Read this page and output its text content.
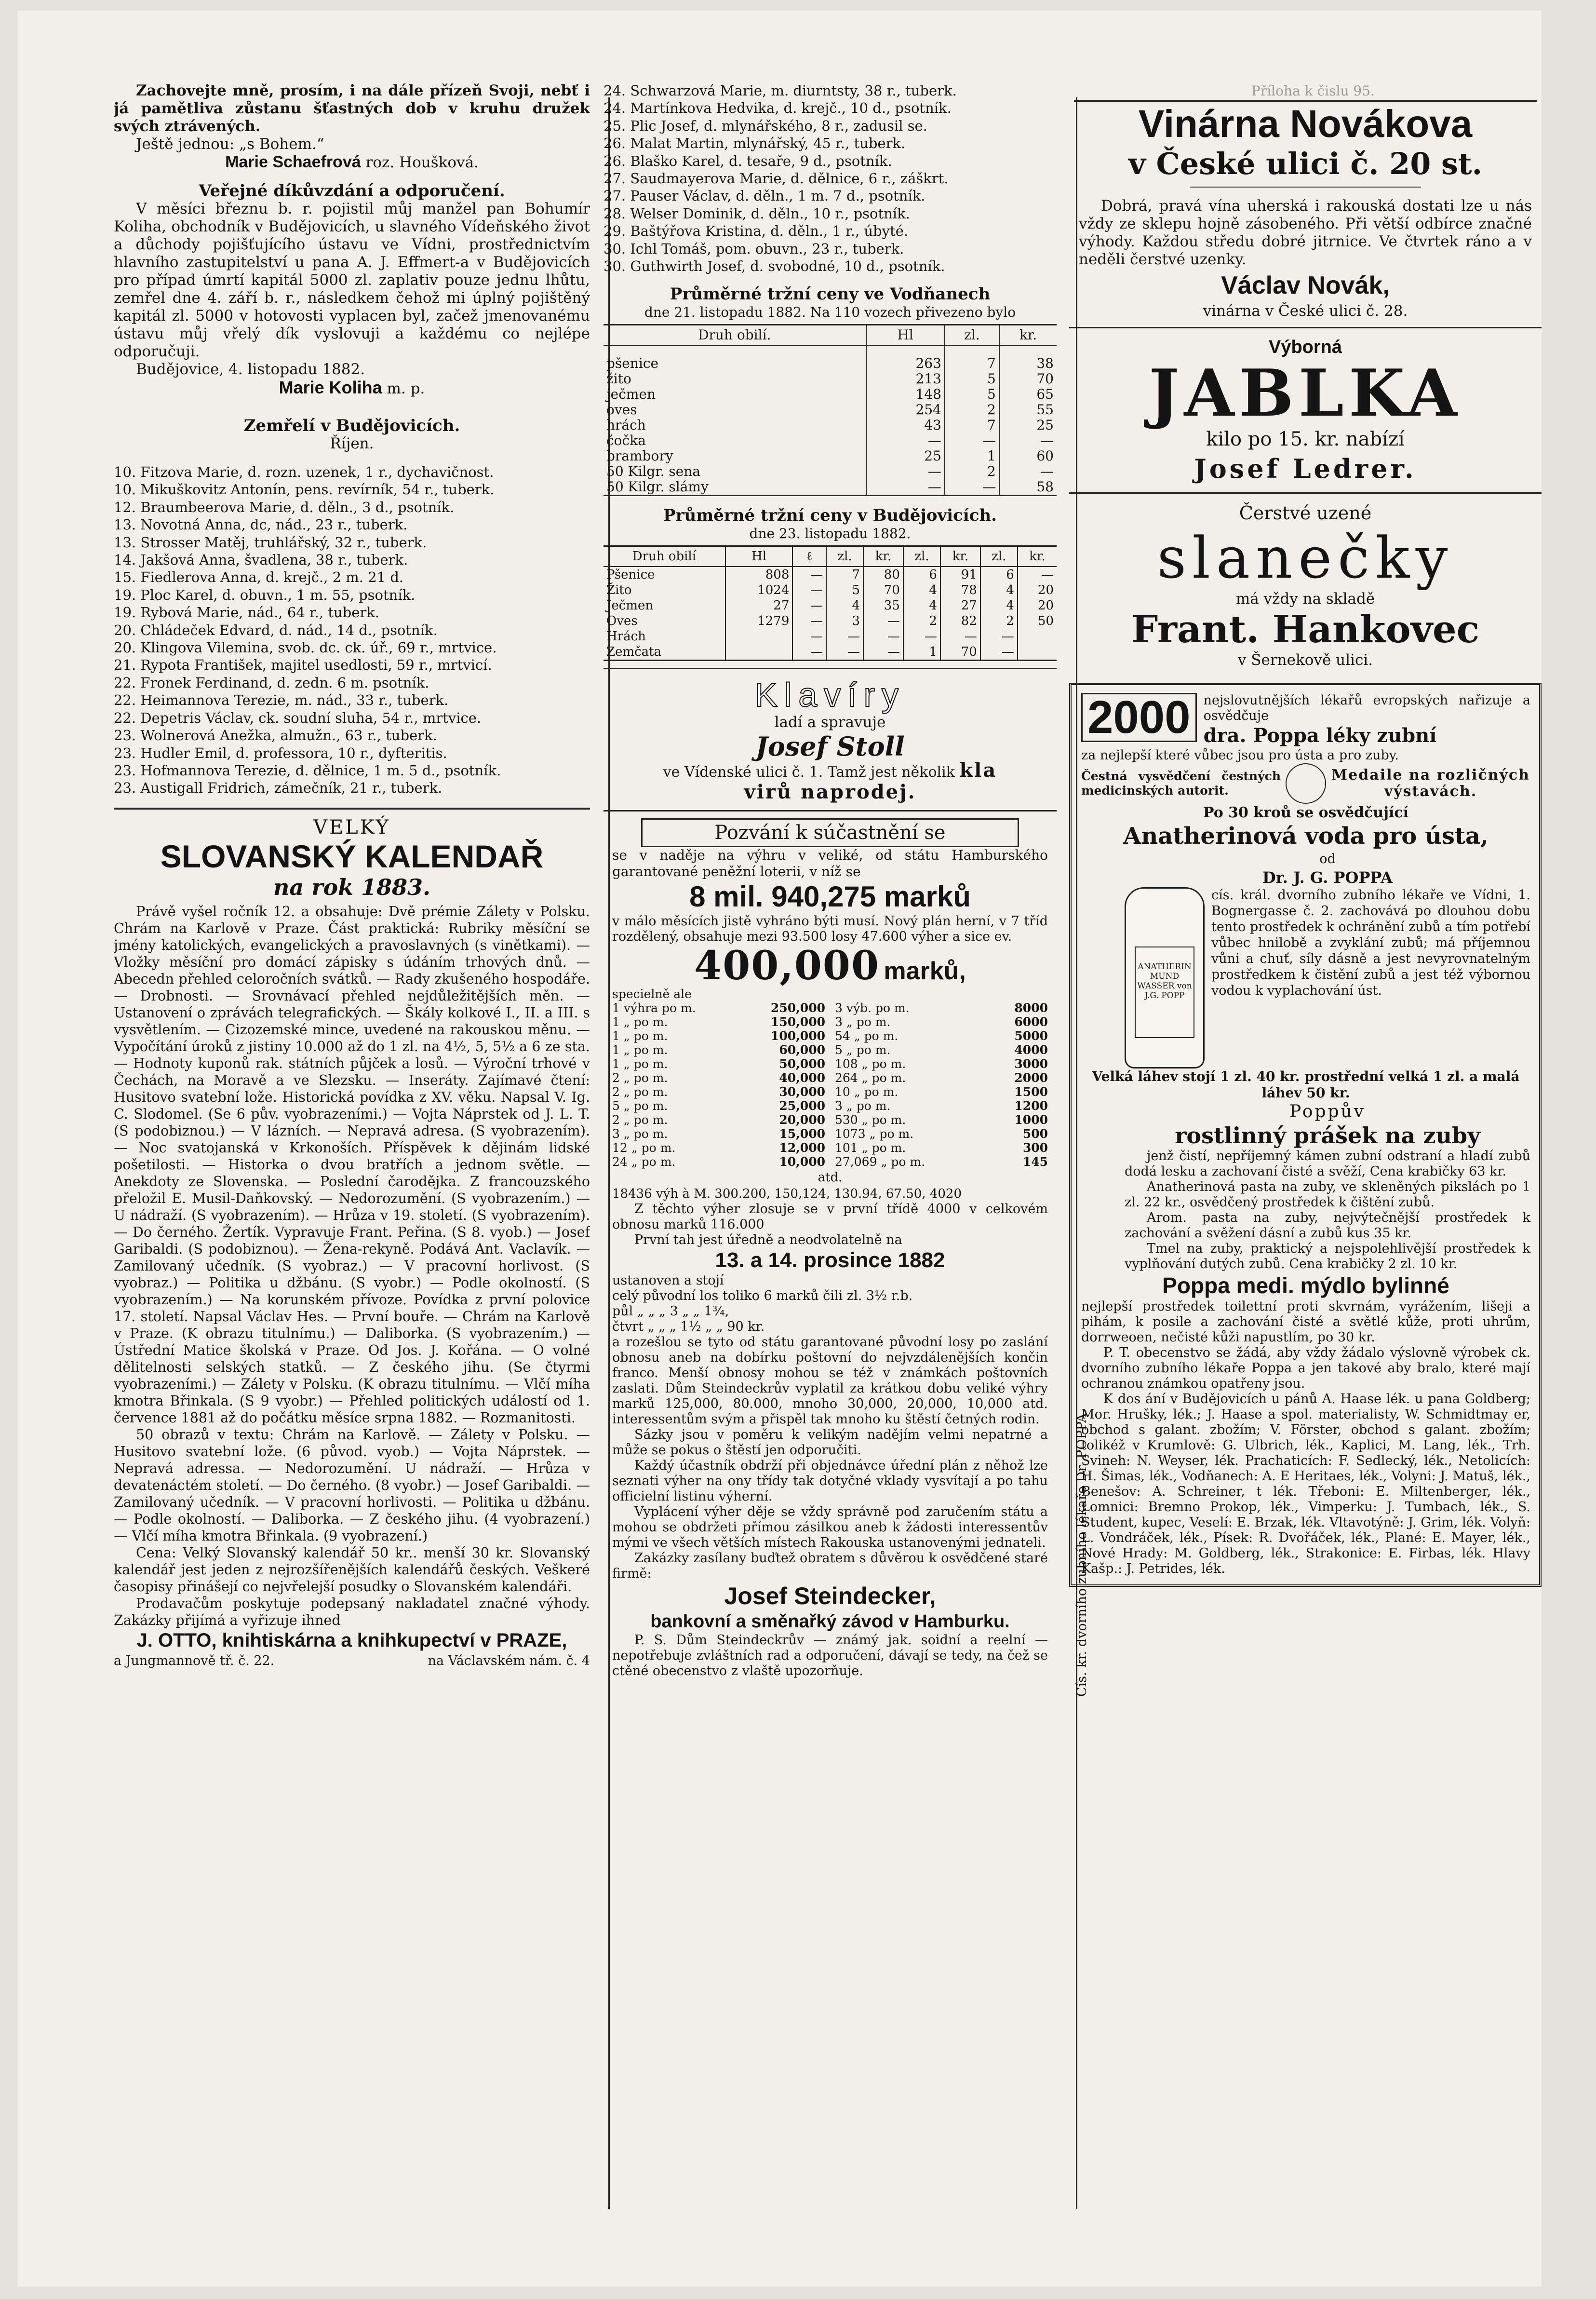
Příloha k čislu 95.

Zachovejte mně, prosím, i na dále přízeň Svoji, nebť i já pamětliva zůstanu šťastných dob v kruhu družek svých ztrávených.

Ještě jednou: „s Bohem.“

Marie Schaefrová roz. Houšková.

Veřejné díkůvzdání a odporučení.

V měsíci březnu b. r. pojistil můj manžel pan Bohumír Koliha, obchodník v Budějovicích, u slavného Vídeňského život a důchody pojišťujícího ústavu ve Vídni, prostřednictvím hlavního zastupitelství u pana A. J. Effmert-a v Budějovicích pro případ úmrtí kapitál 5000 zl. zaplativ pouze jednu lhůtu, zemřel dne 4. září b. r., následkem čehož mi úplný pojištěný kapitál zl. 5000 v hotovosti vyplacen byl, začež jmenovanému ústavu můj vřelý dík vyslovuji a každému co nejlépe odporučuji.

Budějovice, 4. listopadu 1882.

Marie Koliha m. p.

Zemřelí v Budějovicích.

Říjen.

10. Fitzova Marie, d. rozn. uzenek, 1 r., dychavičnost.

10. Mikuškovitz Antonín, pens. revírník, 54 r., tuberk.

12. Braumbeerova Marie, d. děln., 3 d., psotník.

13. Novotná Anna, dc, nád., 23 r., tuberk.

13. Strosser Matěj, truhlářský, 32 r., tuberk.

14. Jakšová Anna, švadlena, 38 r., tuberk.

15. Fiedlerova Anna, d. krejč., 2 m. 21 d.

19. Ploc Karel, d. obuvn., 1 m. 55, psotník.

19. Rybová Marie, nád., 64 r., tuberk.

20. Chládeček Edvard, d. nád., 14 d., psotník.

20. Klingova Vilemina, svob. dc. ck. úř., 69 r., mrtvice.

21. Rypota František, majitel usedlosti, 59 r., mrtvicí.

22. Fronek Ferdinand, d. zedn. 6 m. psotník.

22. Heimannova Terezie, m. nád., 33 r., tuberk.

22. Depetris Václav, ck. soudní sluha, 54 r., mrtvice.

23. Wolnerová Anežka, almužn., 63 r., tuberk.

23. Hudler Emil, d. professora, 10 r., dyfteritis.

23. Hofmannova Terezie, d. dělnice, 1 m. 5 d., psotník.

23. Austigall Fridrich, zámečník, 21 r., tuberk.

VELKÝ

SLOVANSKÝ KALENDAŘ

na rok 1883.

Právě vyšel ročník 12. a obsahuje: Dvě prémie Zálety v Polsku. Chrám na Karlově v Praze. Část praktická: Rubriky měsíční se jmény katolických, evangelických a pravoslavných (s vinětkami). — Vložky měsíční pro domácí zápisky s údáním trhových dnů. — Abecedn přehled celoročních svátků. — Rady zkušeného hospodáře. — Drobnosti. — Srovnávací přehled nejdůležitějších měn. — Ustanovení o zprávách telegrafických. — Škály kolkové I., II. a III. s vysvětlením. — Cizozemské mince, uvedené na rakouskou měnu. — Vypočítání úroků z jistiny 10.000 až do 1 zl. na 4½, 5, 5½ a 6 ze sta. — Hodnoty kuponů rak. státních půjček a losů. — Výroční trhové v Čechách, na Moravě a ve Slezsku. — Inseráty. Zajímavé čtení: Husitovo svatební lože. Historická povídka z XV. věku. Napsal V. Ig. C. Slodomel. (Se 6 pův. vyobrazeními.) — Vojta Náprstek od J. L. T. (S podobiznou.) — V lázních. — Nepravá adresa. (S vyobrazením). — Noc svatojanská v Krkonoších. Příspěvek k dějinám lidské pošetilosti. — Historka o dvou bratřích a jednom světle. — Anekdoty ze Slovenska. — Poslední čarodějka. Z francouzského přeložil E. Musil-Daňkovský. — Nedorozumění. (S vyobrazením.) — U nádraží. (S vyobrazením). — Hrůza v 19. století. (S vyobrazením). — Do černého. Žertík. Vypravuje Frant. Peřina. (S 8. vyob.) — Josef Garibaldi. (S podobiznou). — Žena-rekyně. Podává Ant. Vaclavík. — Zamilovaný učedník. (S vyobraz.) — V pracovní horlivost. (S vyobraz.) — Politika u džbánu. (S vyobr.) — Podle okolností. (S vyobrazením.) — Na korunském přívoze. Povídka z první polovice 17. století. Napsal Václav Hes. — První bouře. — Chrám na Karlově v Praze. (K obrazu titulnímu.) — Daliborka. (S vyobrazením.) — Ústřední Matice školská v Praze. Od Jos. J. Kořána. — O volné dělitelnosti selských statků. — Z českého jihu. (Se čtyrmi vyobrazeními.) — Zálety v Polsku. (K obrazu titulnímu. — Vlčí míha kmotra Břinkala. (S 9 vyobr.) — Přehled politických událostí od 1. července 1881 až do počátku měsíce srpna 1882. — Rozmanitosti.

50 obrazů v textu: Chrám na Karlově. — Zálety v Polsku. — Husitovo svatební lože. (6 původ. vyob.) — Vojta Náprstek. — Nepravá adressa. — Nedorozumění. U nádraží. — Hrůza v devatenáctém století. — Do černého. (8 vyobr.) — Josef Garibaldi. — Zamilovaný učedník. — V pracovní horlivosti. — Politika u džbánu. — Podle okolností. — Daliborka. — Z českého jihu. (4 vyobrazení.) — Vlčí míha kmotra Břinkala. (9 vyobrazení.)

Cena: Velký Slovanský kalendář 50 kr.. menší 30 kr. Slovanský kalendář jest jeden z nejrozšířenějších kalendářů českých. Veškeré časopisy přinášejí co nejvřelejší posudky o Slovanském kalendáři.

Prodavačům poskytuje podepsaný nakladatel značné výhody. Zakázky přijímá a vyřizuje ihned

J. OTTO, knihtiskárna a knihkupectví v PRAZE,

a Jungmannově tř. č. 22.	na Václavském nám. č. 4

24. Schwarzová Marie, m. diurntsty, 38 r., tuberk.

24. Martínkova Hedvika, d. krejč., 10 d., psotník.

25. Plic Josef, d. mlynářského, 8 r., zadusil se.

26. Malat Martin, mlynářský, 45 r., tuberk.

26. Blaško Karel, d. tesaře, 9 d., psotník.

27. Saudmayerova Marie, d. dělnice, 6 r., záškrt.

27. Pauser Václav, d. děln., 1 m. 7 d., psotník.

28. Welser Dominik, d. děln., 10 r., psotník.

29. Baštýřova Kristina, d. děln., 1 r., úbyté.

30. Ichl Tomáš, pom. obuvn., 23 r., tuberk.

30. Guthwirth Josef, d. svobodné, 10 d., psotník.

Průměrné tržní ceny ve Vodňanech

dne 21. listopadu 1882. Na 110 vozech přivezeno bylo

Druh obilí.	Hl	zl.	kr.

pšenice	263	7	38
žito	213	5	70
ječmen	148	5	65
oves	254	2	55
hrách	43	7	25
čočka	—	—	—
brambory	25	1	60
50 Kilgr. sena	—	2	—
50 Kilgr. slámy	—	—	58

Průměrné tržní ceny v Budějovicích.

dne 23. listopadu 1882.

Druh obilí	Hl	ℓ	zl.	kr.	zl.	kr.	zl.	kr.
Pšenice	808	—	7	80	6	91	6	—
Žito	1024	—	5	70	4	78	4	20
Ječmen	27	—	4	35	4	27	4	20
Oves	1279	—	3	—	2	82	2	50
Hrách		—	—	—	—	—	—	
Zemčata		—	—	—	1	70	—	

Klavíry

ladí a spravuje

Josef Stoll

ve Vídenské ulici č. 1. Tamž jest několik kla

virů naprodej.

Pozvání k súčastnění se

se v naděje na výhru v veliké, od státu Hamburského garantované peněžní loterii, v níž se

8 mil. 940,275 marků

v málo měsících jistě vyhráno býti musí. Nový plán herní, v 7 tříd rozdělený, obsahuje mezi 93.500 losy 47.600 výher a sice ev.

400,000 marků,

specielně ale
1 výhra po m.	250,000
1 „ po m.	150,000
1 „ po m.	100,000
1 „ po m.	60,000
1 „ po m.	50,000
2 „ po m.	40,000
2 „ po m.	30,000
5 „ po m.	25,000
2 „ po m.	20,000
3 „ po m.	15,000
12 „ po m.	12,000
24 „ po m.	10,000
3 výb. po m.	8000
3 „ po m.	6000
54 „ po m.	5000
5 „ po m.	4000
108 „ po m.	3000
264 „ po m.	2000
10 „ po m.	1500
3 „ po m.	1200
530 „ po m.	1000
1073 „ po m.	500
101 „ po m.	300
27,069 „ po m.	145

atd.

18436 výh à M. 300.200, 150,124, 130.94, 67.50, 4020

Z těchto výher zlosuje se v první třídě 4000 v celkovém obnosu marků 116.000

První tah jest úředně a neodvolatelně na

13. a 14. prosince 1882

ustanoven a stojí

celý původní los toliko 6 marků čili zl. 3½ r.b.

půl „ „ „ 3 „ „ 1¾,

čtvrt „ „ „ 1½ „ „ 90 kr.

a rozešlou se tyto od státu garantované původní losy po zaslání obnosu aneb na dobírku poštovní do nejvzdálenějších končin franco. Menší obnosy mohou se též v známkách poštovních zaslati. Dům Steindeckrův vyplatil za krátkou dobu veliké výhry marků 125,000, 80.000, mnoho 30,000, 20,000, 10,000 atd. interessentům svým a přispěl tak mnoho ku štěstí četných rodin.

Sázky jsou v poměru k velikým nadějím velmi nepatrné a může se pokus o štěstí jen odporučiti.

Každý účastník obdrží při objednávce úřední plán z něhož lze seznati výher na ony třídy tak dotyčné vklady vysvítají a po tahu officielní listinu výherní.

Vyplácení výher děje se vždy správně pod zaručením státu a mohou se obdržeti přímou zásilkou aneb k žádosti interessentův mými ve všech větších místech Rakouska ustanovenými jednateli.

Zakázky zasílany buďtež obratem s důvěrou k osvědčené staré firmě:

Josef Steindecker,

bankovní a směnařký závod v Hamburku.

P. S. Dům Steindeckrův — známý jak. soidní a reelní — nepotřebuje zvláštních rad a odporučení, dávají se tedy, na čež se ctěné obecenstvo z vlaště upozorňuje.

Vinárna Novákova

v České ulici č. 20 st.

Dobrá, pravá vína uherská i rakouská dostati lze u nás vždy ze sklepu hojně zásobeného. Při větší odbírce značné výhody. Každou středu dobré jitrnice. Ve čtvrtek ráno a v neděli čerstvé uzenky.

Václav Novák,

vinárna v České ulici č. 28.

Výborná

JABLKA

kilo po 15. kr. nabízí

Josef Ledrer.

Čerstvé uzené

slanečky

má vždy na skladě

Frant. Hankovec

v Šernekově ulici.

Cís. kr. dvorního zubního lékaře Dr. POPPA.
2000	nejslovutnějších lékařů evropských nařizuje a osvědčuje

dra. Poppa léky zubní

za nejlepší které vůbec jsou pro ústa a pro zuby.

Čestná vysvědčení čestných medicinských autorit.

Medaile na rozličných výstavách.

Po 30 kroů se osvědčující

Anatherinová voda pro ústa,

od

Dr. J. G. POPPA

ANATHERIN MUND WASSER von J.G. POPP

cís. král. dvorního zubního lékaře ve Vídni, 1. Bognergasse č. 2. zachovává po dlouhou dobu tento prostředek k ochránění zubů a tím potřebí vůbec hnilobě a zvyklání zubů; má příjemnou vůni a chuť, síly dásně a jest nevyrovnatelným prostředkem k čistění zubů a jest též výbornou vodou k vyplachování úst.

Velká láhev stojí 1 zl. 40 kr. prostřední velká 1 zl. a malá láhev 50 kr.

Poppův

rostlinný prášek na zuby

jenž čistí, nepříjemný kámen zubní odstraní a hladí zubů dodá lesku a zachovaní čisté a svěží, Cena krabičky 63 kr.

Anatherinová pasta na zuby, ve skleněných pikslách po 1 zl. 22 kr., osvědčený prostředek k čištění zubů.

Arom. pasta na zuby, nejvýtečnější prostředek k zachování a svěžení dásní a zubů kus 35 kr.

Tmel na zuby, praktický a nejspolehlivější prostředek k vyplňování dutých zubů. Cena krabičky 2 zl. 10 kr.

Poppa medi. mýdlo bylinné

nejlepší prostředek toilettní proti skvrnám, vyrážením, lišeji a pihám, k posile a zachování čisté a světlé kůže, proti uhrům, dorrweoen, nečisté kůži napustlím, po 30 kr.

P. T. obecenstvo se žádá, aby vždy žádalo výslovně výrobek ck. dvorního zubního lékaře Poppa a jen takové aby bralo, které mají ochranou známkou opatřeny jsou.

K dos ání v Budějovicích u pánů A. Haase lék. u pana Goldberg; Mor. Hrušky, lék.; J. Haase a spol. materialisty, W. Schmidtmay er, obchod s galant. zbožím; V. Förster, obchod s galant. zbožím; tolikéž v Krumlově: G. Ulbrich, lék., Kaplici, M. Lang, lék., Trh. Svineh: N. Weyser, lék. Prachaticích: F. Sedlecký, lék., Netolicích: H. Šimas, lék., Vodňanech: A. E Heritaes, lék., Volyni: J. Matuš, lék., Benešov: A. Schreiner, t lék. Třeboni: E. Miltenberger, lék., Lomnici: Bremno Prokop, lék., Vimperku: J. Tumbach, lék., S. Student, kupec, Veselí: E. Brzak, lék. Vltavotýně: J. Grim, lék. Volyň: L. Vondráček, lék., Písek: R. Dvořáček, lék., Plané: E. Mayer, lék., Nové Hrady: M. Goldberg, lék., Strakonice: E. Firbas, lék. Hlavy Kašp.: J. Petrides, lék.
